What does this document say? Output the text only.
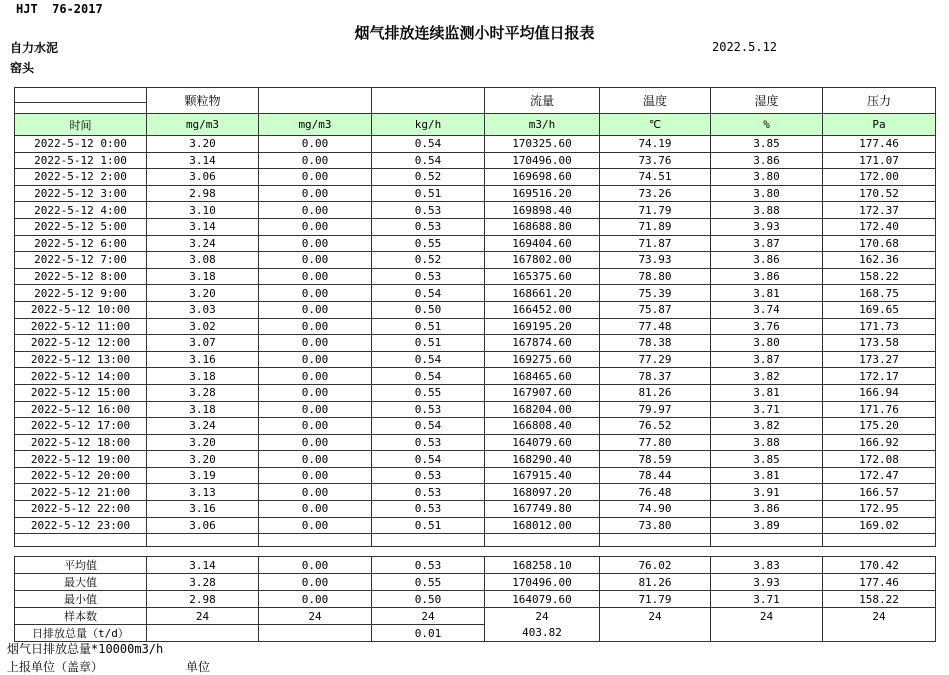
HJT  76-2017
烟气排放连续监测小时平均值日报表
自力水泥
窑头
2022.5.12
	颗粒物			流量	温度	湿度	压力

时间	mg/m3	mg/m3	kg/h	m3/h	℃	%	Pa
2022-5-12 0:00	3.20	0.00	0.54	170325.60	74.19	3.85	177.46
2022-5-12 1:00	3.14	0.00	0.54	170496.00	73.76	3.86	171.07
2022-5-12 2:00	3.06	0.00	0.52	169698.60	74.51	3.80	172.00
2022-5-12 3:00	2.98	0.00	0.51	169516.20	73.26	3.80	170.52
2022-5-12 4:00	3.10	0.00	0.53	169898.40	71.79	3.88	172.37
2022-5-12 5:00	3.14	0.00	0.53	168688.80	71.89	3.93	172.40
2022-5-12 6:00	3.24	0.00	0.55	169404.60	71.87	3.87	170.68
2022-5-12 7:00	3.08	0.00	0.52	167802.00	73.93	3.86	162.36
2022-5-12 8:00	3.18	0.00	0.53	165375.60	78.80	3.86	158.22
2022-5-12 9:00	3.20	0.00	0.54	168661.20	75.39	3.81	168.75
2022-5-12 10:00	3.03	0.00	0.50	166452.00	75.87	3.74	169.65
2022-5-12 11:00	3.02	0.00	0.51	169195.20	77.48	3.76	171.73
2022-5-12 12:00	3.07	0.00	0.51	167874.60	78.38	3.80	173.58
2022-5-12 13:00	3.16	0.00	0.54	169275.60	77.29	3.87	173.27
2022-5-12 14:00	3.18	0.00	0.54	168465.60	78.37	3.82	172.17
2022-5-12 15:00	3.28	0.00	0.55	167907.60	81.26	3.81	166.94
2022-5-12 16:00	3.18	0.00	0.53	168204.00	79.97	3.71	171.76
2022-5-12 17:00	3.24	0.00	0.54	166808.40	76.52	3.82	175.20
2022-5-12 18:00	3.20	0.00	0.53	164079.60	77.80	3.88	166.92
2022-5-12 19:00	3.20	0.00	0.54	168290.40	78.59	3.85	172.08
2022-5-12 20:00	3.19	0.00	0.53	167915.40	78.44	3.81	172.47
2022-5-12 21:00	3.13	0.00	0.53	168097.20	76.48	3.91	166.57
2022-5-12 22:00	3.16	0.00	0.53	167749.80	74.90	3.86	172.95
2022-5-12 23:00	3.06	0.00	0.51	168012.00	73.80	3.89	169.02

平均值	3.14	0.00	0.53	168258.10	76.02	3.83	170.42
最大值	3.28	0.00	0.55	170496.00	81.26	3.93	177.46
最小值	2.98	0.00	0.50	164079.60	71.79	3.71	158.22
样本数	24	24	24	24	24	24	24
日排放总量（t/d）			0.01	403.82			
烟气日排放总量*10000m3/h
上报单位（盖章）	单位
